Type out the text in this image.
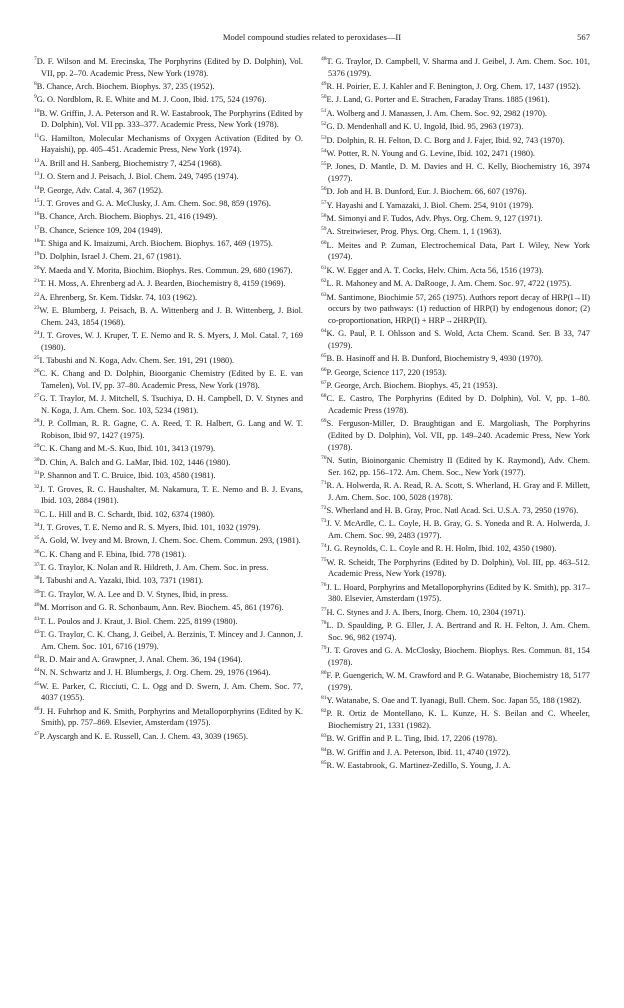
Model compound studies related to peroxidases—II	567
$^7$D. F. Wilson and M. Erecinska, The Porphyrins (Edited by D. Dolphin), Vol. VII, pp. 2–70. Academic Press, New York (1978).
$^8$B. Chance, Arch. Biochem. Biophys. 37, 235 (1952).
$^9$G. O. Nordblom, R. E. White and M. J. Coon, Ibid. 175, 524 (1976).
$^{10}$B. W. Griffin, J. A. Peterson and R. W. Eastabrook, The Porphyrins (Edited by D. Dolphin), Vol. VII pp. 333–377. Academic Press, New York (1978).
$^{11}$G. Hamilton, Molecular Mechanisms of Oxygen Activation (Edited by O. Hayaishi), pp. 405–451. Academic Press, New York (1974).
$^{12}$A. Brill and H. Sanberg, Biochemistry 7, 4254 (1968).
$^{13}$J. O. Stern and J. Peisach, J. Biol. Chem. 249, 7495 (1974).
$^{14}$P. George, Adv. Catal. 4, 367 (1952).
$^{15}$J. T. Groves and G. A. McClusky, J. Am. Chem. Soc. 98, 859 (1976).
$^{16}$B. Chance, Arch. Biochem. Biophys. 21, 416 (1949).
$^{17}$B. Chance, Science 109, 204 (1949).
$^{18}$T. Shiga and K. Imaizumi, Arch. Biochem. Biophys. 167, 469 (1975).
$^{19}$D. Dolphin, Israel J. Chem. 21, 67 (1981).
$^{20}$Y. Maeda and Y. Morita, Biochim. Biophys. Res. Commun. 29, 680 (1967).
$^{21}$T. H. Moss, A. Ehrenberg ad A. J. Bearden, Biochemistry 8, 4159 (1969).
$^{22}$A. Ehrenberg, Sr. Kem. Tidskr. 74, 103 (1962).
$^{23}$W. E. Blumberg, J. Peisach, B. A. Wittenberg and J. B. Wittenberg, J. Biol. Chem. 243, 1854 (1968).
$^{24}$J. T. Groves, W. J. Kruper, T. E. Nemo and R. S. Myers, J. Mol. Catal. 7, 169 (1980).
$^{25}$I. Tabushi and N. Koga, Adv. Chem. Ser. 191, 291 (1980).
$^{26}$C. K. Chang and D. Dolphin, Bioorganic Chemistry (Edited by E. E. van Tamelen), Vol. IV, pp. 37–80. Academic Press, New York (1978).
$^{27}$G. T. Traylor, M. J. Mitchell, S. Tsuchiya, D. H. Campbell, D. V. Stynes and N. Koga, J. Am. Chem. Soc. 103, 5234 (1981).
$^{28}$J. P. Collman, R. R. Gagne, C. A. Reed, T. R. Halbert, G. Lang and W. T. Robison, Ibid 97, 1427 (1975).
$^{29}$C. K. Chang and M.-S. Kuo, Ibid. 101, 3413 (1979).
$^{30}$D. Chin, A. Balch and G. LaMar, Ibid. 102, 1446 (1980).
$^{31}$P. Shannon and T. C. Bruice, Ibid. 103, 4580 (1981).
$^{32}$J. T. Groves, R. C. Haushalter, M. Nakamura, T. E. Nemo and B. J. Evans, Ibid. 103, 2884 (1981).
$^{33}$C. L. Hill and B. C. Schardt, Ibid. 102, 6374 (1980).
$^{34}$J. T. Groves, T. E. Nemo and R. S. Myers, Ibid. 101, 1032 (1979).
$^{35}$A. Gold, W. Ivey and M. Brown, J. Chem. Soc. Chem. Commun. 293, (1981).
$^{36}$C. K. Chang and F. Ebina, Ibid. 778 (1981).
$^{37}$T. G. Traylor, K. Nolan and R. Hildreth, J. Am. Chem. Soc. in press.
$^{38}$I. Tabushi and A. Yazaki, Ibid. 103, 7371 (1981).
$^{39}$T. G. Traylor, W. A. Lee and D. V. Stynes, Ibid, in press.
$^{40}$M. Morrison and G. R. Schonbaum, Ann. Rev. Biochem. 45, 861 (1976).
$^{41}$T. L. Poulos and J. Kraut, J. Biol. Chem. 225, 8199 (1980).
$^{42}$T. G. Traylor, C. K. Chang, J. Geibel, A. Berzinis, T. Mincey and J. Cannon, J. Am. Chem. Soc. 101, 6716 (1979).
$^{43}$R. D. Mair and A. Grawpner, J. Anal. Chem. 36, 194 (1964).
$^{44}$N. N. Schwartz and J. H. Blumbergs, J. Org. Chem. 29, 1976 (1964).
$^{45}$W. E. Parker, C. Ricciuti, C. L. Ogg and D. Swern, J. Am. Chem. Soc. 77, 4037 (1955).
$^{46}$J. H. Fuhrhop and K. Smith, Porphyrins and Metalloporphyrins (Edited by K. Smith), pp. 757–869. Elsevier, Amsterdam (1975).
$^{47}$P. Ayscargh and K. E. Russell, Can. J. Chem. 43, 3039 (1965).
$^{48}$T. G. Traylor, D. Campbell, V. Sharma and J. Geibel, J. Am. Chem. Soc. 101, 5376 (1979).
$^{49}$R. H. Poirier, E. J. Kahler and F. Benington, J. Org. Chem. 17, 1437 (1952).
$^{50}$E. J. Land, G. Porter and E. Strachen, Faraday Trans. 1885 (1961).
$^{51}$A. Wolberg and J. Manassen, J. Am. Chem. Soc. 92, 2982 (1970).
$^{52}$G. D. Mendenhall and K. U. Ingold, Ibid. 95, 2963 (1973).
$^{53}$D. Dolphin, R. H. Felton, D. C. Borg and J. Fajer, Ibid. 92, 743 (1970).
$^{54}$W. Potter, R. N. Young and G. Levine, Ibid. 102, 2471 (1980).
$^{55}$P. Jones, D. Mantle, D. M. Davies and H. C. Kelly, Biochemistry 16, 3974 (1977).
$^{56}$D. Job and H. B. Dunford, Eur. J. Biochem. 66, 607 (1976).
$^{57}$Y. Hayashi and I. Yamazaki, J. Biol. Chem. 254, 9101 (1979).
$^{58}$M. Simonyi and F. Tudos, Adv. Phys. Org. Chem. 9, 127 (1971).
$^{59}$A. Streitwieser, Prog. Phys. Org. Chem. 1, 1 (1963).
$^{60}$L. Meites and P. Zuman, Electrochemical Data, Part I. Wiley, New York (1974).
$^{61}$K. W. Egger and A. T. Cocks, Helv. Chim. Acta 56, 1516 (1973).
$^{62}$L. R. Mahoney and M. A. DaRooge, J. Am. Chem. Soc. 97, 4722 (1975).
$^{63}$M. Santimone, Biochimie 57, 265 (1975). Authors report decay of HRP(I→II) occurs by two pathways: (1) reduction of HRP(I) by endogenous donor; (2) co-proportionation, HRP(I) + HRP→2HRP(II).
$^{64}$K. G. Paul, P. I. Ohlsson and S. Wold, Acta Chem. Scand. Ser. B 33, 747 (1979).
$^{65}$B. B. Hasinoff and H. B. Dunford, Biochemistry 9, 4930 (1970).
$^{66}$P. George, Science 117, 220 (1953).
$^{67}$P. George, Arch. Biochem. Biophys. 45, 21 (1953).
$^{68}$C. E. Castro, The Porphyrins (Edited by D. Dolphin), Vol. V, pp. 1–80. Academic Press (1978).
$^{69}$S. Ferguson-Miller, D. Braughtigan and E. Margoliash, The Porphyrins (Edited by D. Dolphin), Vol. VII, pp. 149–240. Academic Press, New York (1978).
$^{70}$N. Sutin, Bioinorganic Chemistry II (Edited by K. Raymond), Adv. Chem. Ser. 162, pp. 156–172. Am. Chem. Soc., New York (1977).
$^{71}$R. A. Holwerda, R. A. Read, R. A. Scott, S. Wherland, H. Gray and F. Millett, J. Am. Chem. Soc. 100, 5028 (1978).
$^{72}$S. Wherland and H. B. Gray, Proc. Natl Acad. Sci. U.S.A. 73, 2950 (1976).
$^{73}$J. V. McArdle, C. L. Coyle, H. B. Gray, G. S. Yoneda and R. A. Holwerda, J. Am. Chem. Soc. 99, 2483 (1977).
$^{74}$J. G. Reynolds, C. L. Coyle and R. H. Holm, Ibid. 102, 4350 (1980).
$^{75}$W. R. Scheidt, The Porphyrins (Edited by D. Dolphin), Vol. III, pp. 463–512. Academic Press, New York (1978).
$^{76}$J. L. Hoard, Porphyrins and Metalloporphyrins (Edited by K. Smith), pp. 317–380. Elsevier, Amsterdam (1975).
$^{77}$H. C. Stynes and J. A. Ibers, Inorg. Chem. 10, 2304 (1971).
$^{78}$L. D. Spaulding, P. G. Eller, J. A. Bertrand and R. H. Felton, J. Am. Chem. Soc. 96, 982 (1974).
$^{79}$J. T. Groves and G. A. McClosky, Biochem. Biophys. Res. Commun. 81, 154 (1978).
$^{80}$F. P. Guengerich, W. M. Crawford and P. G. Watanabe, Biochemistry 18, 5177 (1979).
$^{81}$Y. Watanabe, S. Oae and T. Iyanagi, Bull. Chem. Soc. Japan 55, 188 (1982).
$^{82}$P. R. Ortiz de Montellano, K. L. Kunze, H. S. Beilan and C. Wheeler, Biochemistry 21, 1331 (1982).
$^{83}$B. W. Griffin and P. L. Ting, Ibid. 17, 2206 (1978).
$^{84}$B. W. Griffin and J. A. Peterson, Ibid. 11, 4740 (1972).
$^{85}$R. W. Eastabrook, G. Martinez-Zedillo, S. Young, J. A.
